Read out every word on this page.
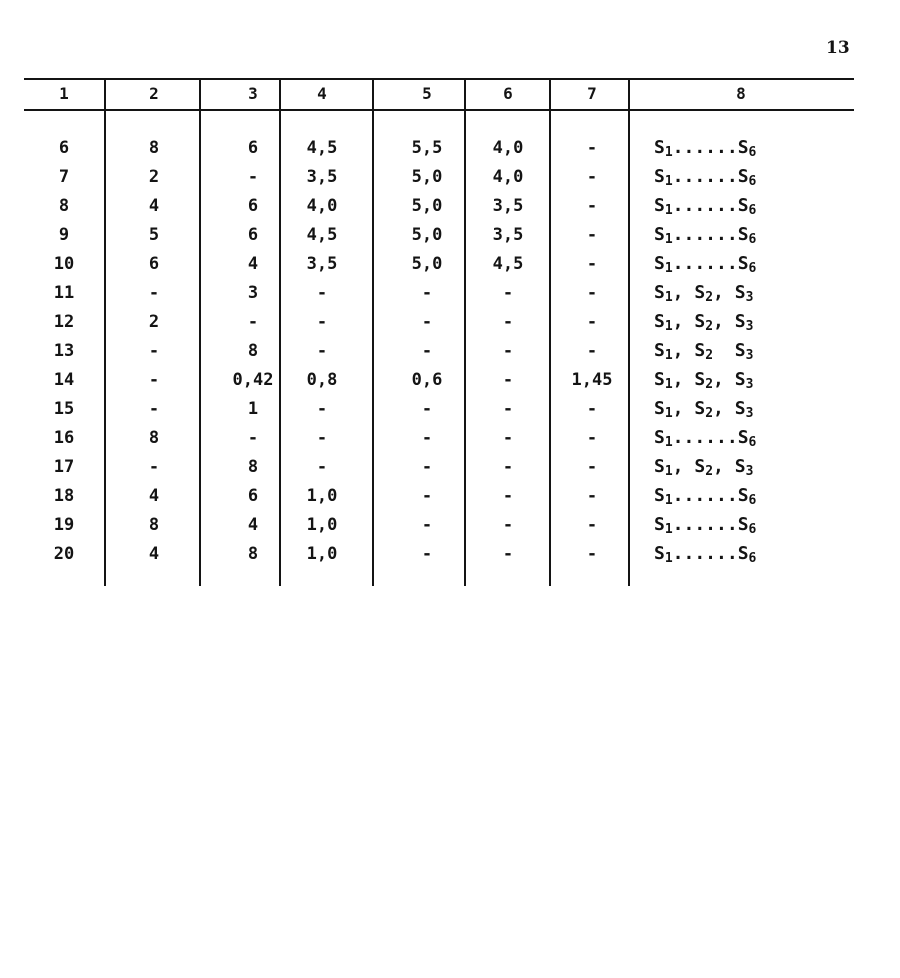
13
1	2	3	4	5	6	7	8
6	8	6	4,5	5,5	4,0	-	$S_1......S_6$
7	2	-	3,5	5,0	4,0	-	$S_1......S_6$
8	4	6	4,0	5,0	3,5	-	$S_1......S_6$
9	5	6	4,5	5,0	3,5	-	$S_1......S_6$
10	6	4	3,5	5,0	4,5	-	$S_1......S_6$
11	-	3	-	-	-	-	$S_1$, $S_2$, $S_3$
12	2	-	-	-	-	-	$S_1$, $S_2$, $S_3$
13	-	8	-	-	-	-	$S_1$, $S_2$ $S_3$
14	-	0,42	0,8	0,6	-	1,45	$S_1$, $S_2$, $S_3$
15	-	1	-	-	-	-	$S_1$, $S_2$, $S_3$
16	8	-	-	-	-	-	$S_1......S_6$
17	-	8	-	-	-	-	$S_1$, $S_2$, $S_3$
18	4	6	1,0	-	-	-	$S_1......S_6$
19	8	4	1,0	-	-	-	$S_1......S_6$
20	4	8	1,0	-	-	-	$S_1......S_6$
